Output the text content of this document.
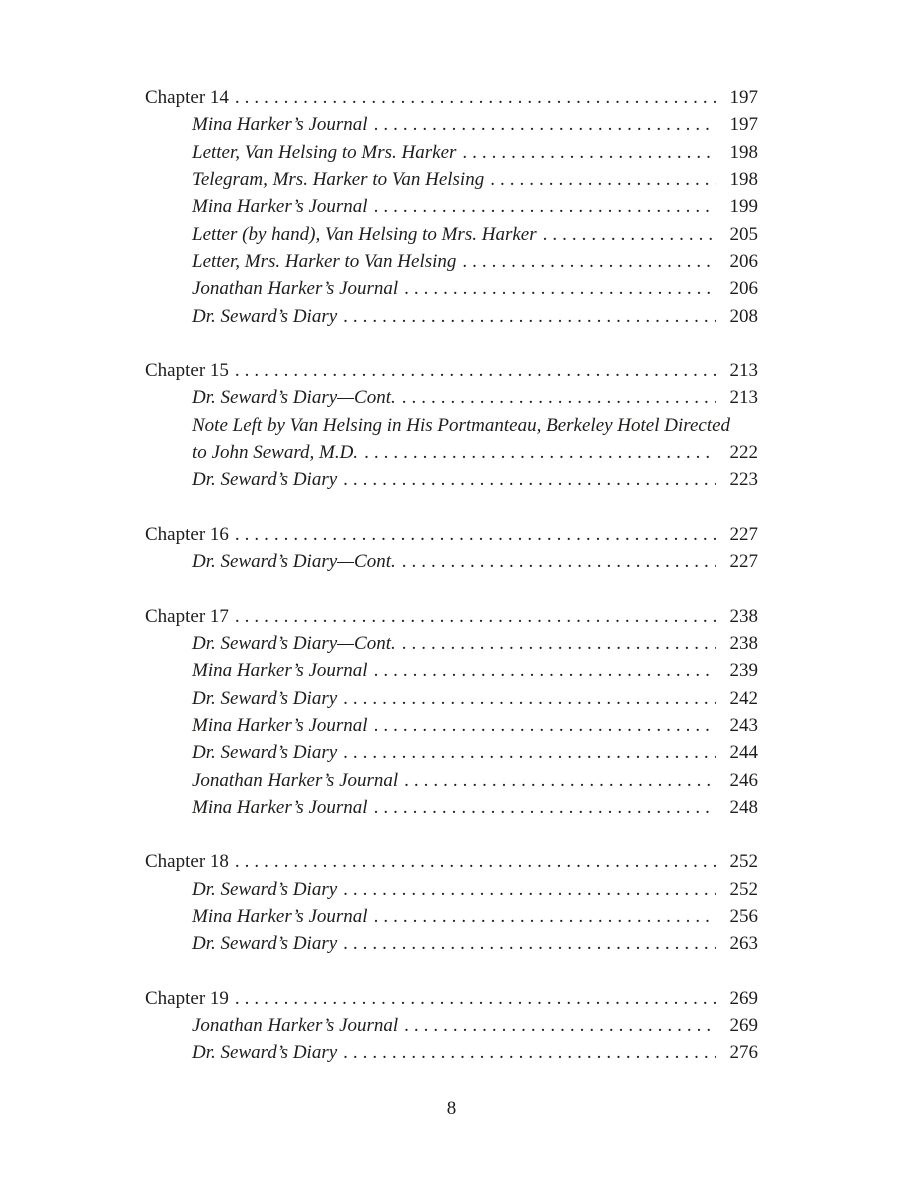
Chapter 14 .....	197
Mina Harker’s Journal .....	197
Letter, Van Helsing to Mrs. Harker .....	198
Telegram, Mrs. Harker to Van Helsing .....	198
Mina Harker’s Journal .....	199
Letter (by hand), Van Helsing to Mrs. Harker .....	205
Letter, Mrs. Harker to Van Helsing .....	206
Jonathan Harker’s Journal .....	206
Dr. Seward’s Diary .....	208
Chapter 15 .....	213
Dr. Seward’s Diary—Cont. .....	213
Note Left by Van Helsing in His Portmanteau, Berkeley Hotel Directed
to John Seward, M.D. .....	222
Dr. Seward’s Diary .....	223
Chapter 16 .....	227
Dr. Seward’s Diary—Cont. .....	227
Chapter 17 .....	238
Dr. Seward’s Diary—Cont. .....	238
Mina Harker’s Journal .....	239
Dr. Seward’s Diary .....	242
Mina Harker’s Journal .....	243
Dr. Seward’s Diary .....	244
Jonathan Harker’s Journal .....	246
Mina Harker’s Journal .....	248
Chapter 18 .....	252
Dr. Seward’s Diary .....	252
Mina Harker’s Journal .....	256
Dr. Seward’s Diary .....	263
Chapter 19 .....	269
Jonathan Harker’s Journal .....	269
Dr. Seward’s Diary .....	276
8
